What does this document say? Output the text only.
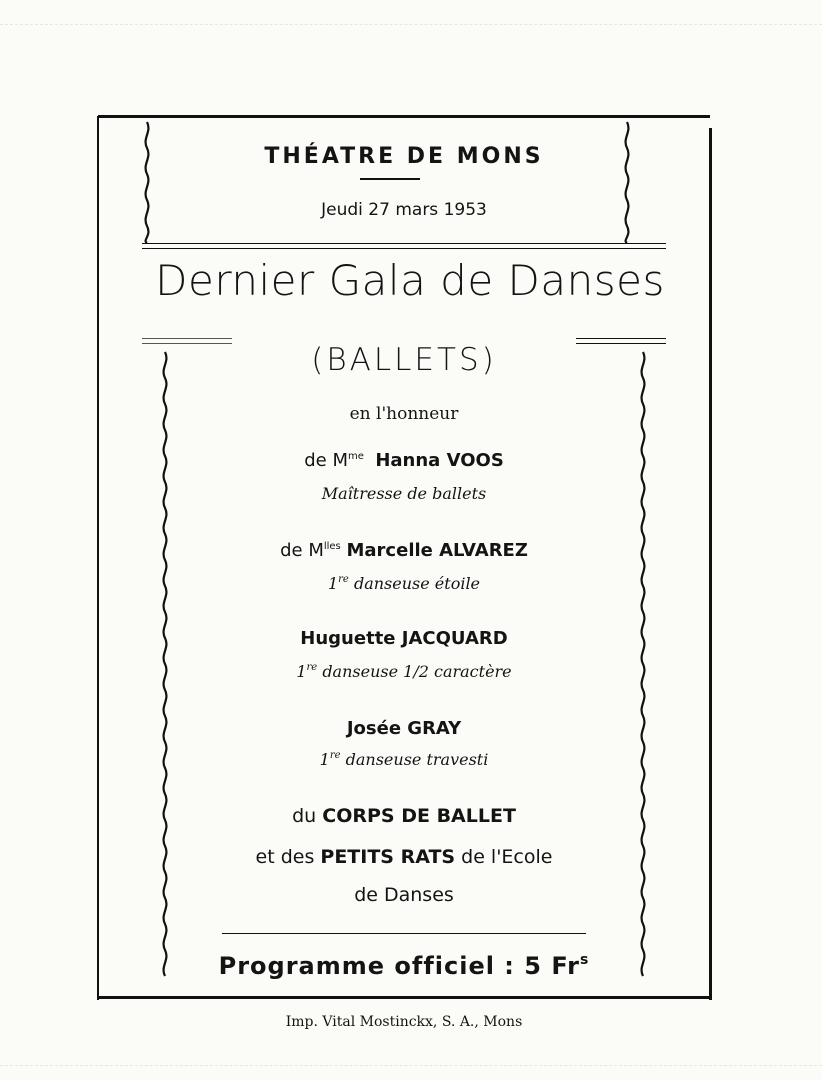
THÉATRE DE MONS
Jeudi 27 mars 1953
Dernier Gala de Danses
(BALLETS)
en l'honneur
de $M^{me}$ Hanna VOOS
Maîtresse de ballets
de $M^{lles}$ Marcelle ALVAREZ
1re danseuse étoile
Huguette JACQUARD
1re danseuse 1/2 caractère
Josée GRAY
1re danseuse travesti
du CORPS DE BALLET
et des PETITS RATS de l'Ecole
de Danses
Programme officiel : 5 Fr$^s$
Imp. Vital Mostinckx, S. A., Mons
